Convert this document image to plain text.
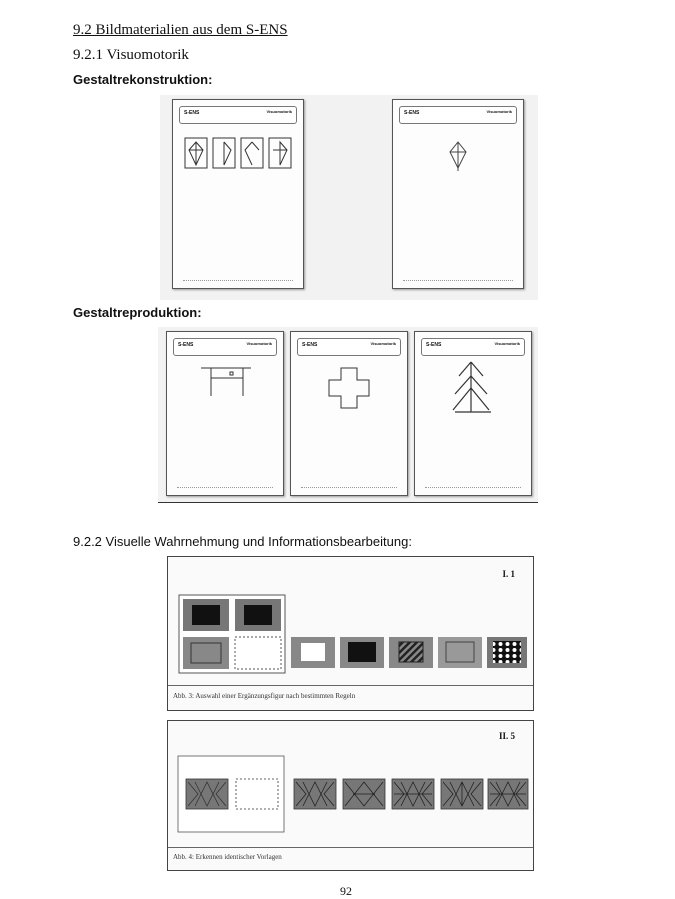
9.2 Bildmaterialien aus dem S-ENS
9.2.1 Visuomotorik
Gestaltrekonstruktion:
S-ENS	Visuomotorik	S-ENS	Visuomotorik
Gestaltreproduktion:
S-ENS	Visuomotorik	S-ENS	Visuomotorik	S-ENS	Visuomotorik
9.2.2 Visuelle Wahrnehmung und Informationsbearbeitung:
I. 1
Abb. 3: Auswahl einer Ergänzungsfigur nach bestimmten Regeln
II. 5
Abb. 4: Erkennen identischer Vorlagen
92
